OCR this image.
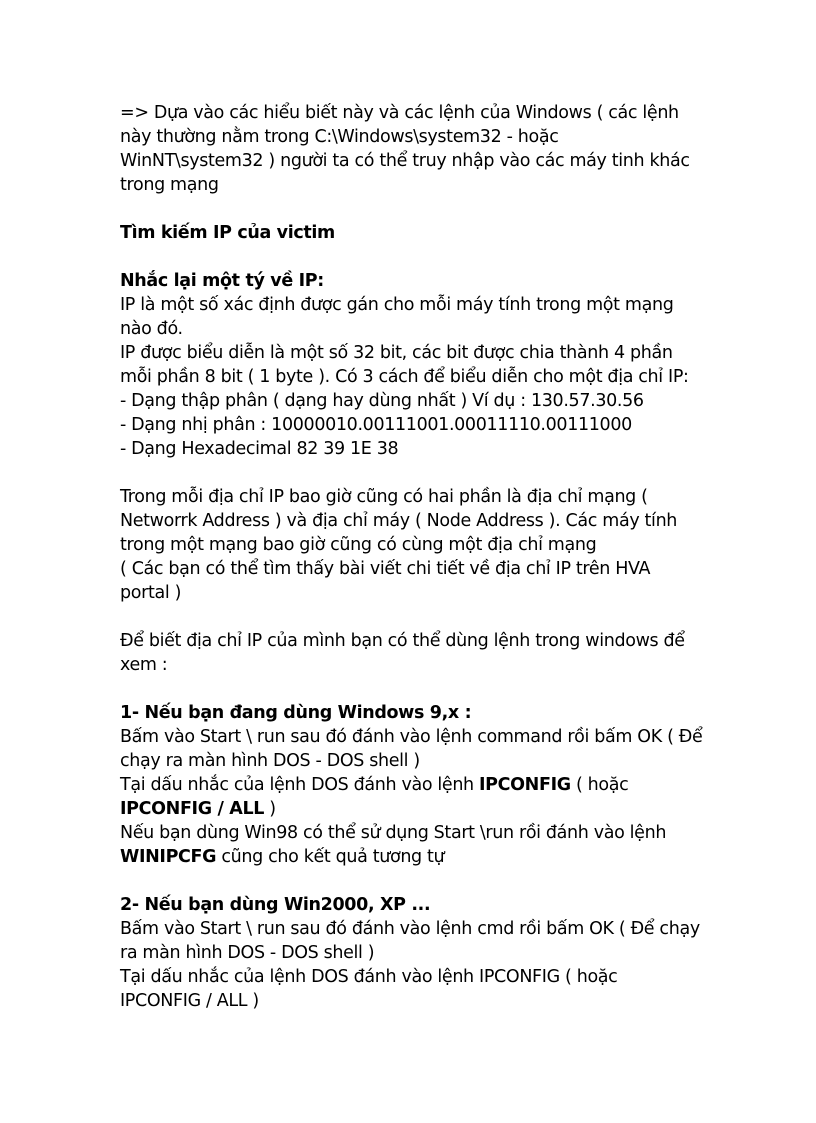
=> Dựa vào các hiểu biết này và các lệnh của Windows ( các lệnh
này thường nằm trong C:\Windows\system32 - hoặc
WinNT\system32 ) người ta có thể truy nhập vào các máy tinh khác
trong mạng
Tìm kiếm IP của victim
Nhắc lại một tý về IP:
IP là một số xác định được gán cho mỗi máy tính trong một mạng
nào đó.
IP được biểu diễn là một số 32 bit, các bit được chia thành 4 phần
mỗi phần 8 bit ( 1 byte ). Có 3 cách để biểu diễn cho một địa chỉ IP:
- Dạng thập phân ( dạng hay dùng nhất ) Ví dụ : 130.57.30.56
- Dạng nhị phân : 10000010.00111001.00011110.00111000
- Dạng Hexadecimal 82 39 1E 38
Trong mỗi địa chỉ IP bao giờ cũng có hai phần là địa chỉ mạng (
Networrk Address ) và địa chỉ máy ( Node Address ). Các máy tính
trong một mạng bao giờ cũng có cùng một địa chỉ mạng
( Các bạn có thể tìm thấy bài viết chi tiết về địa chỉ IP trên HVA
portal )
Để biết địa chỉ IP của mình bạn có thể dùng lệnh trong windows để
xem :
1- Nếu bạn đang dùng Windows 9,x :
Bấm vào Start \ run sau đó đánh vào lệnh command rồi bấm OK ( Để
chạy ra màn hình DOS - DOS shell )
Tại dấu nhắc của lệnh DOS đánh vào lệnh IPCONFIG ( hoặc
IPCONFIG / ALL )
Nếu bạn dùng Win98 có thể sử dụng Start \run rồi đánh vào lệnh
WINIPCFG cũng cho kết quả tương tự
2- Nếu bạn dùng Win2000, XP ...
Bấm vào Start \ run sau đó đánh vào lệnh cmd rồi bấm OK ( Để chạy
ra màn hình DOS - DOS shell )
Tại dấu nhắc của lệnh DOS đánh vào lệnh IPCONFIG ( hoặc
IPCONFIG / ALL )
